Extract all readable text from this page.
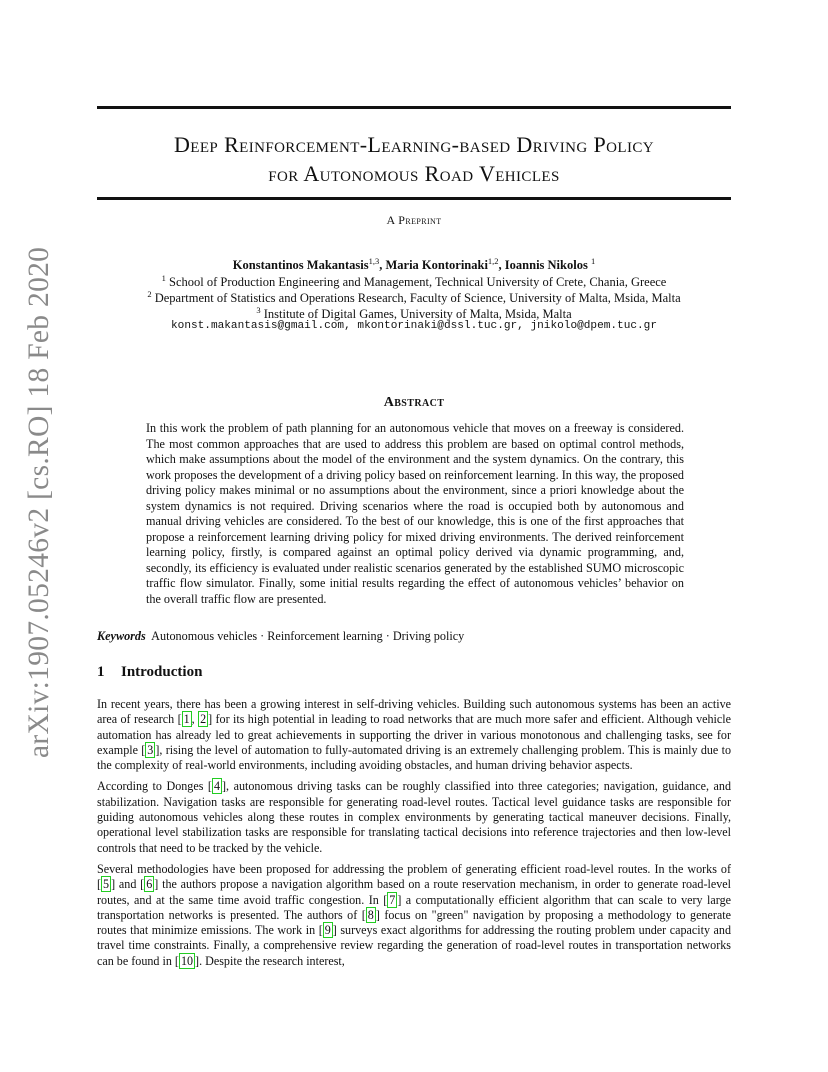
arXiv:1907.05246v2 [cs.RO] 18 Feb 2020
Deep Reinforcement-Learning-based Driving Policy
for Autonomous Road Vehicles
A Preprint
Konstantinos Makantasis$^{1,3}$, Maria Kontorinaki$^{1,2}$, Ioannis Nikolos $^1$
$^1$ School of Production Engineering and Management, Technical University of Crete, Chania, Greece
$^2$ Department of Statistics and Operations Research, Faculty of Science, University of Malta, Msida, Malta
$^3$ Institute of Digital Games, University of Malta, Msida, Malta
konst.makantasis@gmail.com, mkontorinaki@dssl.tuc.gr, jnikolo@dpem.tuc.gr
Abstract
In this work the problem of path planning for an autonomous vehicle that moves on a freeway is considered. The most common approaches that are used to address this problem are based on optimal control methods, which make assumptions about the model of the environment and the system dynamics. On the contrary, this work proposes the development of a driving policy based on reinforcement learning. In this way, the proposed driving policy makes minimal or no assumptions about the environment, since a priori knowledge about the system dynamics is not required. Driving scenarios where the road is occupied both by autonomous and manual driving vehicles are considered. To the best of our knowledge, this is one of the first approaches that propose a reinforcement learning driving policy for mixed driving environments. The derived reinforcement learning policy, firstly, is compared against an optimal policy derived via dynamic programming, and, secondly, its efficiency is evaluated under realistic scenarios generated by the established SUMO microscopic traffic flow simulator. Finally, some initial results regarding the effect of autonomous vehicles’ behavior on the overall traffic flow are presented.
Keywords Autonomous vehicles · Reinforcement learning · Driving policy
1 Introduction

In recent years, there has been a growing interest in self-driving vehicles. Building such autonomous systems has been an active area of research [ 1 , 2 ] for its high potential in leading to road networks that are much more safer and efficient. Although vehicle automation has already led to great achievements in supporting the driver in various monotonous and challenging tasks, see for example [ 3 ], rising the level of automation to fully-automated driving is an extremely challenging problem. This is mainly due to the complexity of real-world environments, including avoiding obstacles, and human driving behavior aspects.

According to Donges [ 4 ], autonomous driving tasks can be roughly classified into three categories; navigation, guidance, and stabilization. Navigation tasks are responsible for generating road-level routes. Tactical level guidance tasks are responsible for guiding autonomous vehicles along these routes in complex environments by generating tactical maneuver decisions. Finally, operational level stabilization tasks are responsible for translating tactical decisions into reference trajectories and then low-level controls that need to be tracked by the vehicle.

Several methodologies have been proposed for addressing the problem of generating efficient road-level routes. In the works of [ 5 ] and [ 6 ] the authors propose a navigation algorithm based on a route reservation mechanism, in order to generate road-level routes, and at the same time avoid traffic congestion. In [ 7 ] a computationally efficient algorithm that can scale to very large transportation networks is presented. The authors of [ 8 ] focus on "green" navigation by proposing a methodology to generate routes that minimize emissions. The work in [ 9 ] surveys exact algorithms for addressing the routing problem under capacity and travel time constraints. Finally, a comprehensive review regarding the generation of road-level routes in transportation networks can be found in [ 10 ]. Despite the research interest,
